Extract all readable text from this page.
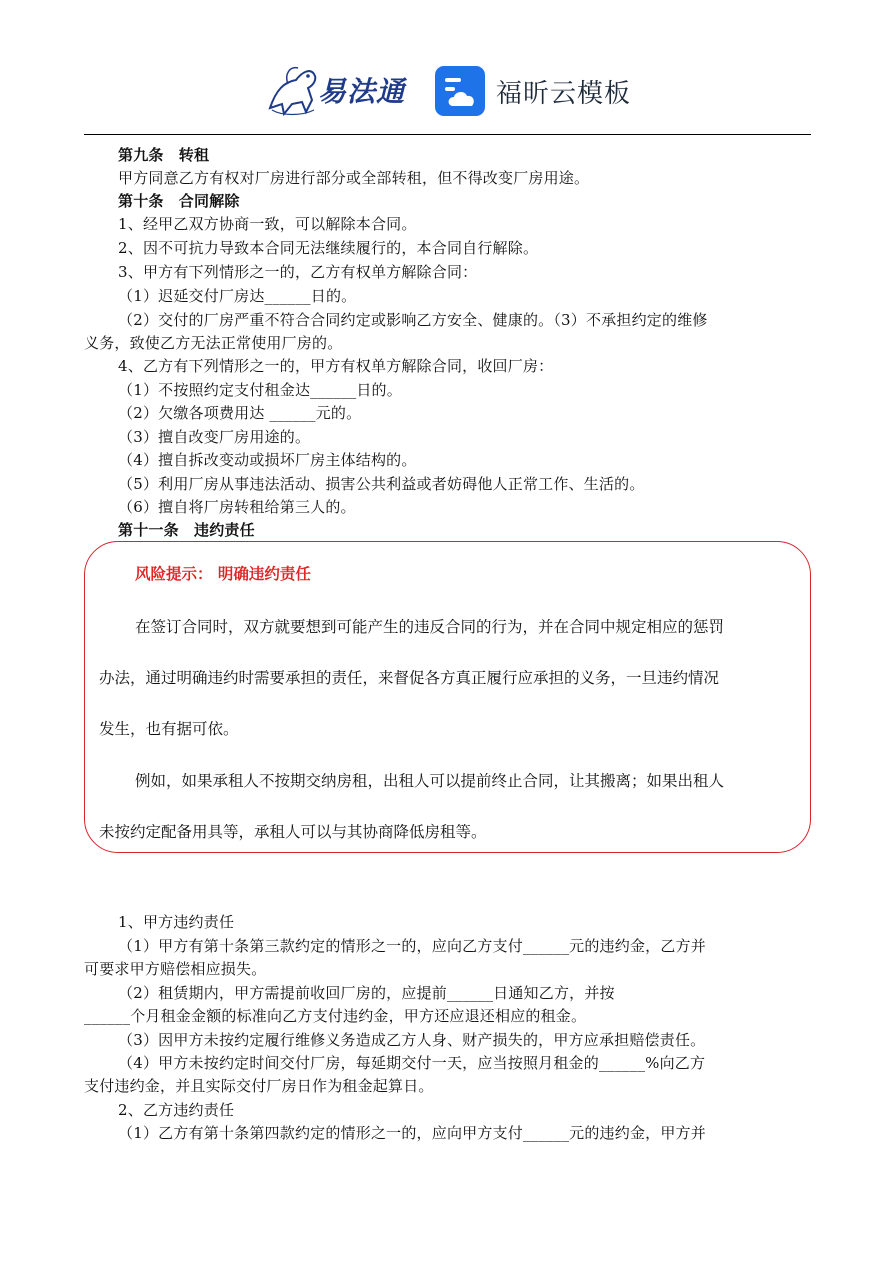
易法通	福昕云模板
第九条　转租
甲方同意乙方有权对厂房进行部分或全部转租，但不得改变厂房用途。
第十条　合同解除
1、经甲乙双方协商一致，可以解除本合同。
2、因不可抗力导致本合同无法继续履行的，本合同自行解除。
3、甲方有下列情形之一的，乙方有权单方解除合同：
（1）迟延交付厂房达______日的。
（2）交付的厂房严重不符合合同约定或影响乙方安全、健康的。（3）不承担约定的维修
义务，致使乙方无法正常使用厂房的。
4、乙方有下列情形之一的，甲方有权单方解除合同，收回厂房：
（1）不按照约定支付租金达______日的。
（2）欠缴各项费用达 ______元的。
（3）擅自改变厂房用途的。
（4）擅自拆改变动或损坏厂房主体结构的。
（5）利用厂房从事违法活动、损害公共利益或者妨碍他人正常工作、生活的。
（6）擅自将厂房转租给第三人的。
第十一条　违约责任
1、甲方违约责任
（1）甲方有第十条第三款约定的情形之一的，应向乙方支付______元的违约金，乙方并
可要求甲方赔偿相应损失。
（2）租赁期内，甲方需提前收回厂房的，应提前______日通知乙方，并按
______个月租金金额的标准向乙方支付违约金，甲方还应退还相应的租金。
（3）因甲方未按约定履行维修义务造成乙方人身、财产损失的，甲方应承担赔偿责任。
（4）甲方未按约定时间交付厂房，每延期交付一天，应当按照月租金的______%向乙方
支付违约金，并且实际交付厂房日作为租金起算日。
2、乙方违约责任
（1）乙方有第十条第四款约定的情形之一的，应向甲方支付______元的违约金，甲方并
风险提示： 明确违约责任
在签订合同时，双方就要想到可能产生的违反合同的行为，并在合同中规定相应的惩罚
办法，通过明确违约时需要承担的责任，来督促各方真正履行应承担的义务，一旦违约情况
发生，也有据可依。
例如，如果承租人不按期交纳房租，出租人可以提前终止合同，让其搬离；如果出租人
未按约定配备用具等，承租人可以与其协商降低房租等。
